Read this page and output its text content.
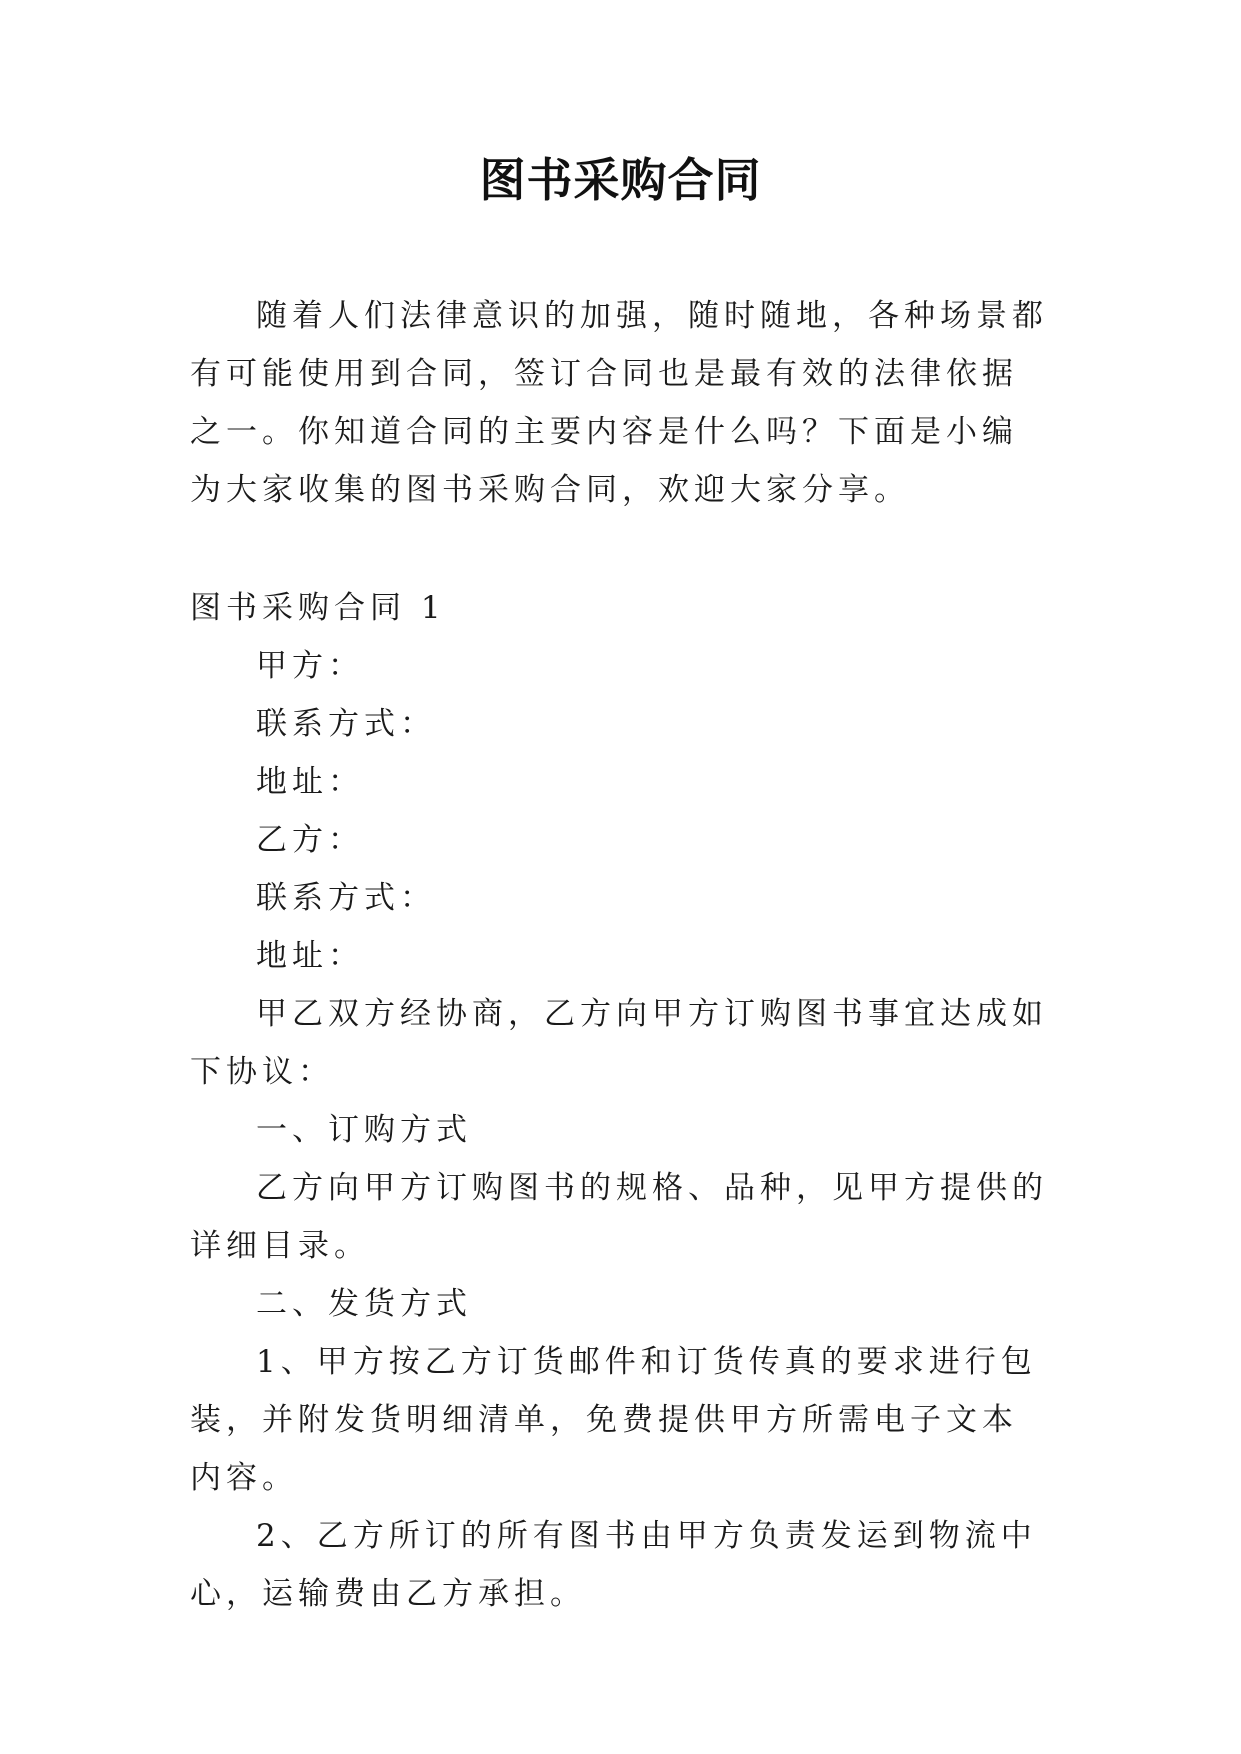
图书采购合同

随着人们法律意识的加强，随时随地，各种场景都有可能使用到合同，签订合同也是最有效的法律依据之一。你知道合同的主要内容是什么吗？下面是小编为大家收集的图书采购合同，欢迎大家分享。

图书采购合同 1

甲方：

联系方式：

地址：

乙方：

联系方式：

地址：

甲乙双方经协商，乙方向甲方订购图书事宜达成如下协议：

一、订购方式

乙方向甲方订购图书的规格、品种，见甲方提供的详细目录。

二、发货方式

1、甲方按乙方订货邮件和订货传真的要求进行包装，并附发货明细清单，免费提供甲方所需电子文本内容。

2、乙方所订的所有图书由甲方负责发运到物流中心，运输费由乙方承担。
